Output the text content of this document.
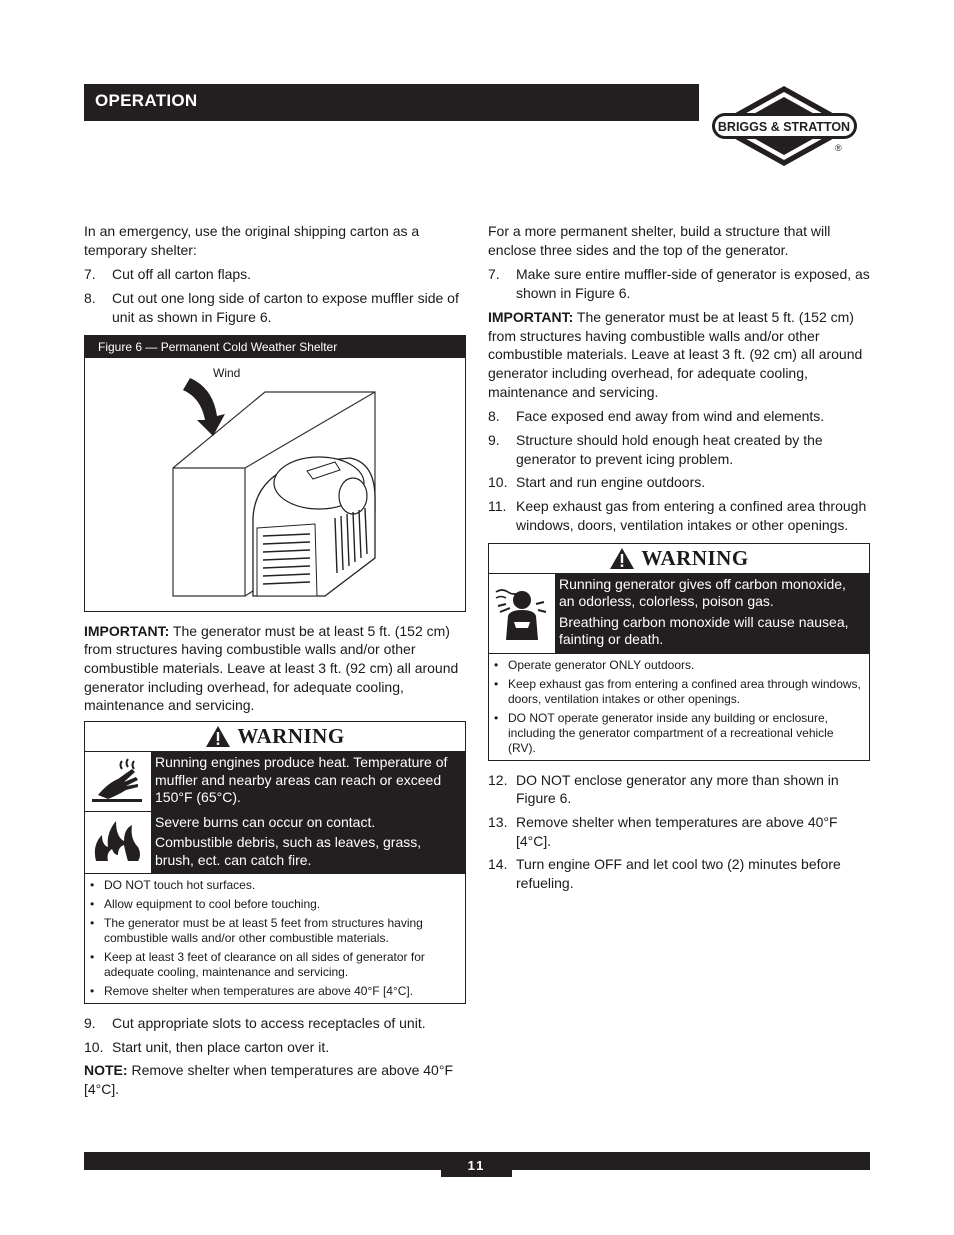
OPERATION
BRIGGS & STRATTON
®

In an emergency, use the original shipping carton as a temporary shelter:

7.	Cut off all carton flaps.
8.	Cut out one long side of carton to expose muffler side of unit as shown in Figure 6.
Figure 6 — Permanent Cold Weather Shelter
Wind

IMPORTANT: The generator must be at least 5 ft. (152 cm) from structures having combustible walls and/or other combustible materials. Leave at least 3 ft. (92 cm) all around generator including overhead, for adequate cooling, maintenance and servicing.

WARNING
Running engines produce heat. Temperature of muffler and nearby areas can reach or exceed 150°F (65°C).
Severe burns can occur on contact.
Combustible debris, such as leaves, grass, brush, ect. can catch fire.
• DO NOT touch hot surfaces.
• Allow equipment to cool before touching.
• The generator must be at least 5 feet from structures having combustible walls and/or other combustible materials.
• Keep at least 3 feet of clearance on all sides of generator for adequate cooling, maintenance and servicing.
• Remove shelter when temperatures are above 40°F [4°C].
9.	Cut appropriate slots to access receptacles of unit.
10. Start unit, then place carton over it.

NOTE: Remove shelter when temperatures are above 40°F [4°C].

For a more permanent shelter, build a structure that will enclose three sides and the top of the generator.

7.	Make sure entire muffler-side of generator is exposed, as shown in Figure 6.

IMPORTANT: The generator must be at least 5 ft. (152 cm) from structures having combustible walls and/or other combustible materials. Leave at least 3 ft. (92 cm) all around generator including overhead, for adequate cooling, maintenance and servicing.

8.	Face exposed end away from wind and elements.
9.	Structure should hold enough heat created by the generator to prevent icing problem.
10. Start and run engine outdoors.
11. Keep exhaust gas from entering a confined area through windows, doors, ventilation intakes or other openings.
WARNING
Running generator gives off carbon monoxide, an odorless, colorless, poison gas.
Breathing carbon monoxide will cause nausea, fainting or death.
• Operate generator ONLY outdoors.
• Keep exhaust gas from entering a confined area through windows, doors, ventilation intakes or other openings.
• DO NOT operate generator inside any building or enclosure, including the generator compartment of a recreational vehicle (RV).
12. DO NOT enclose generator any more than shown in Figure 6.
13. Remove shelter when temperatures are above 40°F [4°C].
14. Turn engine OFF and let cool two (2) minutes before refueling.
11
